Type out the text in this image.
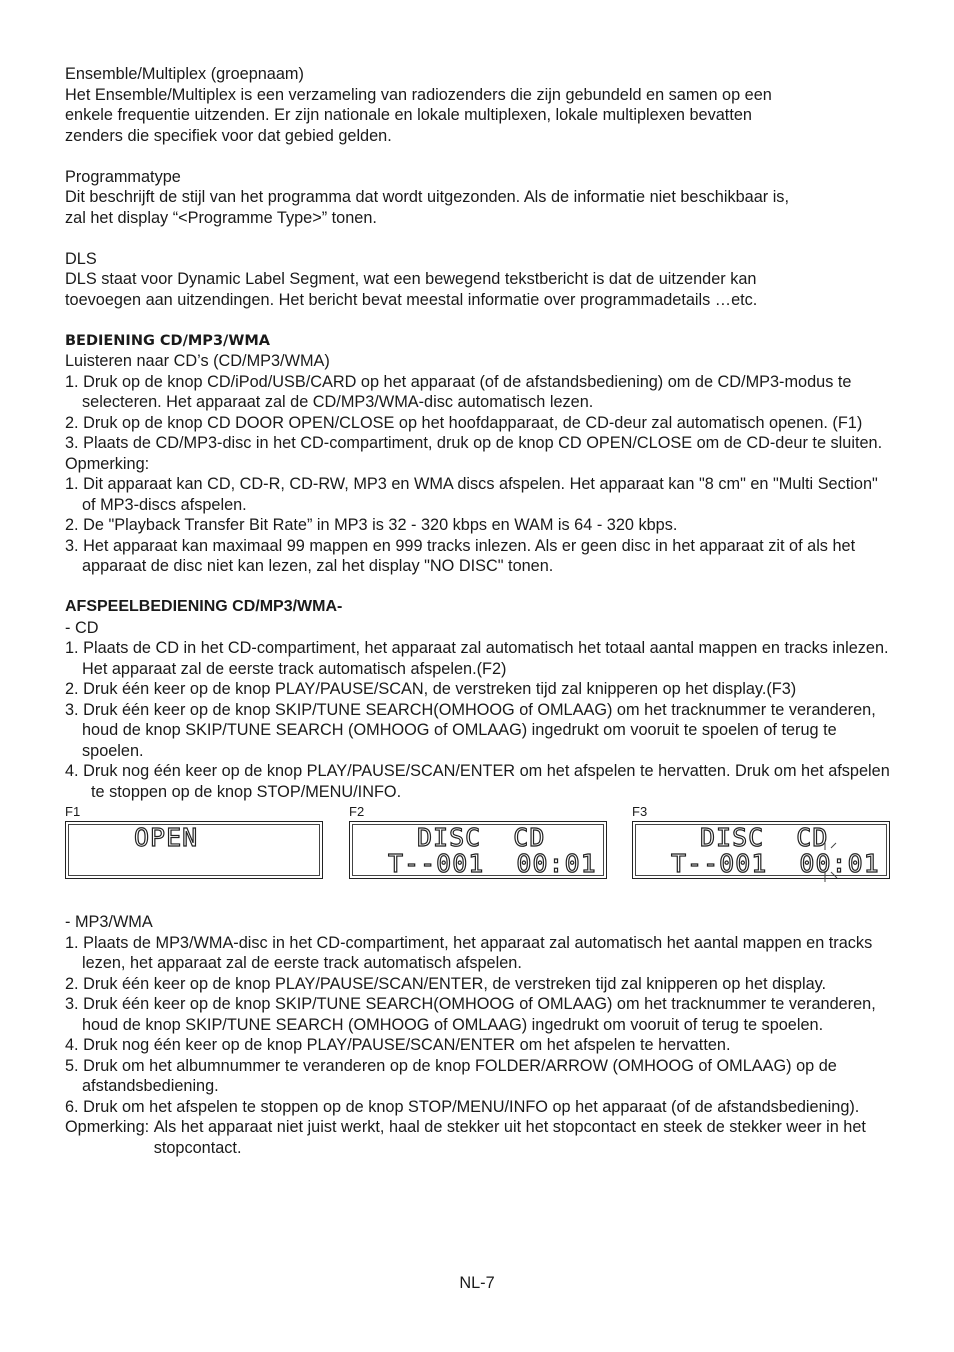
Ensemble/Multiplex (groepnaam)

Het Ensemble/Multiplex is een verzameling van radiozenders die zijn gebundeld en samen op een

enkele frequentie uitzenden. Er zijn nationale en lokale multiplexen, lokale multiplexen bevatten

zenders die specifiek voor dat gebied gelden.

Programmatype

Dit beschrijft de stijl van het programma dat wordt uitgezonden. Als de informatie niet beschikbaar is,

zal het display “<Programme Type>” tonen.

DLS

DLS staat voor Dynamic Label Segment, wat een bewegend tekstbericht is dat de uitzender kan

toevoegen aan uitzendingen. Het bericht bevat meestal informatie over programmadetails …etc.

BEDIENING CD/MP3/WMA

Luisteren naar CD’s (CD/MP3/WMA)

1. Druk op de knop CD/iPod/USB/CARD op het apparaat (of de afstandsbediening) om de CD/MP3-modus te selecteren. Het apparaat zal de CD/MP3/WMA-disc automatisch lezen.

2. Druk op de knop CD DOOR OPEN/CLOSE op het hoofdapparaat, de CD-deur zal automatisch openen. (F1)

3. Plaats de CD/MP3-disc in het CD-compartiment, druk op de knop CD OPEN/CLOSE om de CD-deur te sluiten.

Opmerking:

1. Dit apparaat kan CD, CD-R, CD-RW, MP3 en WMA discs afspelen. Het apparaat kan "8 cm" en "Multi Section" of MP3-discs afspelen.

2. De "Playback Transfer Bit Rate” in MP3 is 32 - 320 kbps en WAM is 64 - 320 kbps.

3. Het apparaat kan maximaal 99 mappen en 999 tracks inlezen. Als er geen disc in het apparaat zit of als het apparaat de disc niet kan lezen, zal het display "NO DISC" tonen.

AFSPEELBEDIENING CD/MP3/WMA-

- CD

1. Plaats de CD in het CD-compartiment, het apparaat zal automatisch het totaal aantal mappen en tracks inlezen. Het apparaat zal de eerste track automatisch afspelen.(F2)

2. Druk één keer op de knop PLAY/PAUSE/SCAN, de verstreken tijd zal knipperen op het display.(F3)

3. Druk één keer op de knop SKIP/TUNE SEARCH(OMHOOG of OMLAAG) om het tracknummer te veranderen, houd de knop SKIP/TUNE SEARCH (OMHOOG of OMLAAG) ingedrukt om vooruit te spoelen of terug te spoelen.

4. Druk nog één keer op de knop PLAY/PAUSE/SCAN/ENTER om het afspelen te hervatten. Druk om het afspelen te stoppen op de knop STOP/MENU/INFO.

F1
OPEN
F2
DISC  CD
T--001  00:01
F3
DISC  CD
T--001  00:01

- MP3/WMA

1. Plaats de MP3/WMA-disc in het CD-compartiment, het apparaat zal automatisch het aantal mappen en tracks lezen, het apparaat zal de eerste track automatisch afspelen.

2. Druk één keer op de knop PLAY/PAUSE/SCAN/ENTER, de verstreken tijd zal knipperen op het display.

3. Druk één keer op de knop SKIP/TUNE SEARCH(OMHOOG of OMLAAG) om het tracknummer te veranderen, houd de knop SKIP/TUNE SEARCH (OMHOOG of OMLAAG) ingedrukt om vooruit of terug te spoelen.

4. Druk nog één keer op de knop PLAY/PAUSE/SCAN/ENTER om het afspelen te hervatten.

5. Druk om het albumnummer te veranderen op de knop FOLDER/ARROW (OMHOOG of OMLAAG) op de afstandsbediening.

6. Druk om het afspelen te stoppen op de knop STOP/MENU/INFO op het apparaat (of de afstandsbediening).

Opmerking: Als het apparaat niet juist werkt, haal de stekker uit het stopcontact en steek de stekker weer in het stopcontact.
NL-7
